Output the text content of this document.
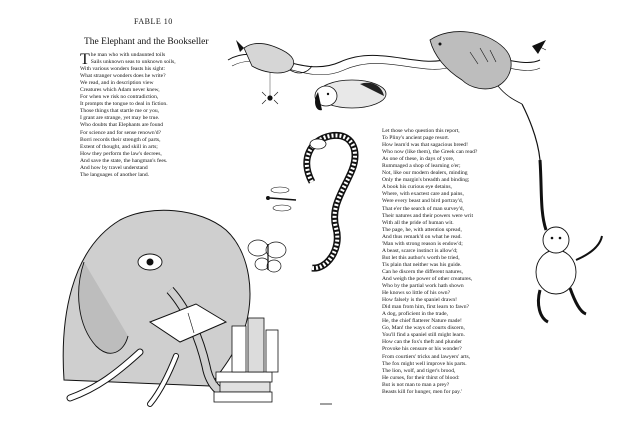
FABLE 10
The Elephant and the Bookseller
T he man who with undaunted toils
Sails unknown seas to unknown soils,
With various wonders feasts his sight:
What stranger wonders does he write?
We read, and in description view
Creatures which Adam never knew,
For when we risk no contradiction,
It prompts the tongue to deal in fiction.
Those things that startle me or you,
I grant are strange, yet may be true.
Who doubts that Elephants are found
For science and for sense renown'd?
Borri records their strength of parts,
Extent of thought, and skill in arts;
How they perform the law's decrees,
And save the state, the hangman's fees.
And how by travel understand
The languages of another land.
Let those who question this report,
To Pliny's ancient page resort.
How learn'd was that sagacious breed!
Who now (like them), the Greek can read?
As one of these, in days of yore,
Rummaged a shop of learning o'er;
Not, like our modern dealers, minding
Only the margin's breadth and binding;
A book his curious eye detains,
Where, with exactest care and pains,
Were every beast and bird portray'd,
That e'er the search of man survey'd,
Their natures and their powers were writ
With all the pride of human wit.
The page, he, with attention spread,
And thus remark'd on what he read.
'Man with strong reason is endow'd;
A beast, scarce instinct is allow'd;
But let this author's worth be tried,
Tis plain that neither was his guide.
Can he discern the different natures,
And weigh the power of other creatures,
Who by the partial work hath shown
He knows so little of his own?
How falsely is the spaniel drawn!
Did man from him, first learn to fawn?
A dog, proficient in the trade,
He, the chief flatterer Nature made!
Go, Man! the ways of courts discern,
You'll find a spaniel still might learn.
How can the fox's theft and plunder
Provoke his censure or his wonder?
From courtiers' tricks and lawyers' arts,
The fox might well improve his parts.
The lion, wolf, and tiger's brood,
He curses, for their thirst of blood:
But is not man to man a prey?
Beasts kill for hunger, men for pay.'
